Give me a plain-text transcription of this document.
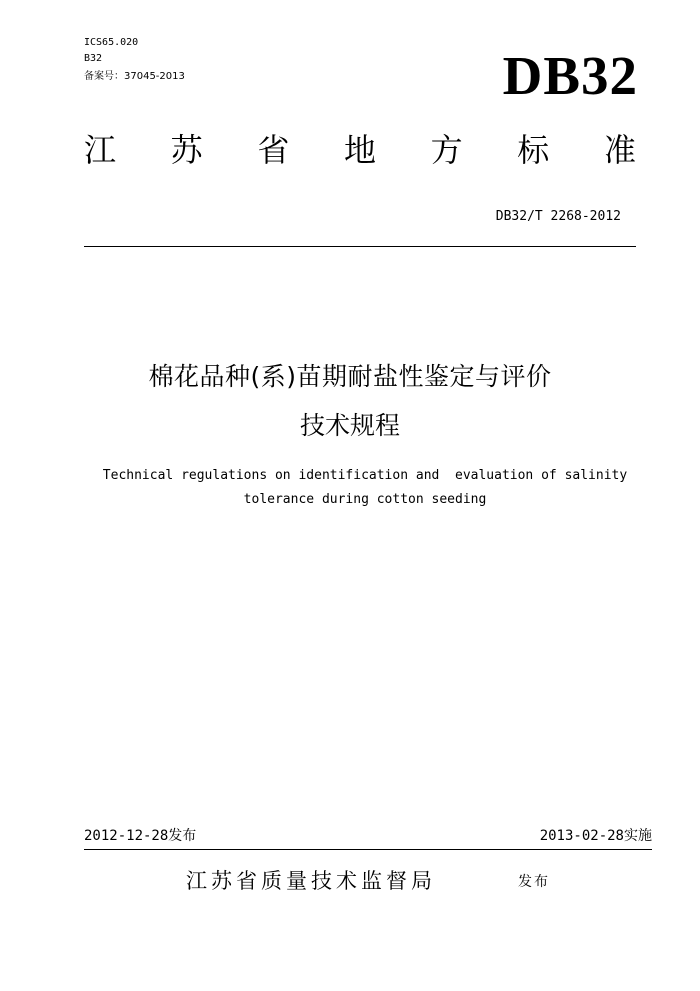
ICS65.020
B32
备案号：37045-2013	DB32
江 苏 省 地 方 标 准
DB32/T 2268-2012
棉花品种(系)苗期耐盐性鉴定与评价
技术规程
Technical regulations on identification and  evaluation of salinity
tolerance during cotton seeding
2012-12-28发布	2013-02-28实施
江苏省质量技术监督局	发布
